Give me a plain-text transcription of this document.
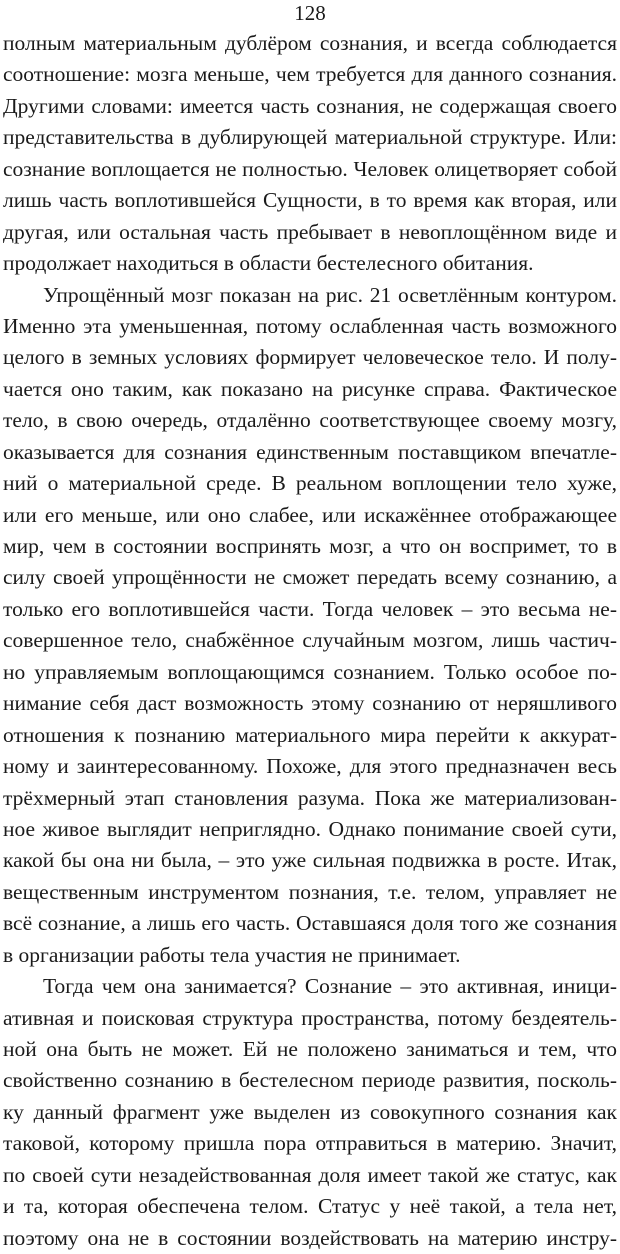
128
полным материальным дублёром сознания, и всегда соблюдается
соотношение: мозга меньше, чем требуется для данного сознания.
Другими словами: имеется часть сознания, не содержащая своего
представительства в дублирующей материальной структуре. Или:
сознание воплощается не полностью. Человек олицетворяет собой
лишь часть воплотившейся Сущности, в то время как вторая, или
другая, или остальная часть пребывает в невоплощённом виде и
продолжает находиться в области бестелесного обитания.
Упрощённый мозг показан на рис. 21 осветлённым контуром.
Именно эта уменьшенная, потому ослабленная часть возможного
целого в земных условиях формирует человеческое тело. И полу-
чается оно таким, как показано на рисунке справа. Фактическое
тело, в свою очередь, отдалённо соответствующее своему мозгу,
оказывается для сознания единственным поставщиком впечатле-
ний о материальной среде. В реальном воплощении тело хуже,
или его меньше, или оно слабее, или искажённее отображающее
мир, чем в состоянии воспринять мозг, а что он воспримет, то в
силу своей упрощённости не сможет передать всему сознанию, а
только его воплотившейся части. Тогда человек – это весьма не-
совершенное тело, снабжённое случайным мозгом, лишь частич-
но управляемым воплощающимся сознанием. Только особое по-
нимание себя даст возможность этому сознанию от неряшливого
отношения к познанию материального мира перейти к аккурат-
ному и заинтересованному. Похоже, для этого предназначен весь
трёхмерный этап становления разума. Пока же материализован-
ное живое выглядит неприглядно. Однако понимание своей сути,
какой бы она ни была, – это уже сильная подвижка в росте. Итак,
вещественным инструментом познания, т.е. телом, управляет не
всё сознание, а лишь его часть. Оставшаяся доля того же сознания
в организации работы тела участия не принимает.
Тогда чем она занимается? Сознание – это активная, иници-
ативная и поисковая структура пространства, потому бездеятель-
ной она быть не может. Ей не положено заниматься и тем, что
свойственно сознанию в бестелесном периоде развития, посколь-
ку данный фрагмент уже выделен из совокупного сознания как
таковой, которому пришла пора отправиться в материю. Значит,
по своей сути незадействованная доля имеет такой же статус, как
и та, которая обеспечена телом. Статус у неё такой, а тела нет,
поэтому она не в состоянии воздействовать на материю инстру-
